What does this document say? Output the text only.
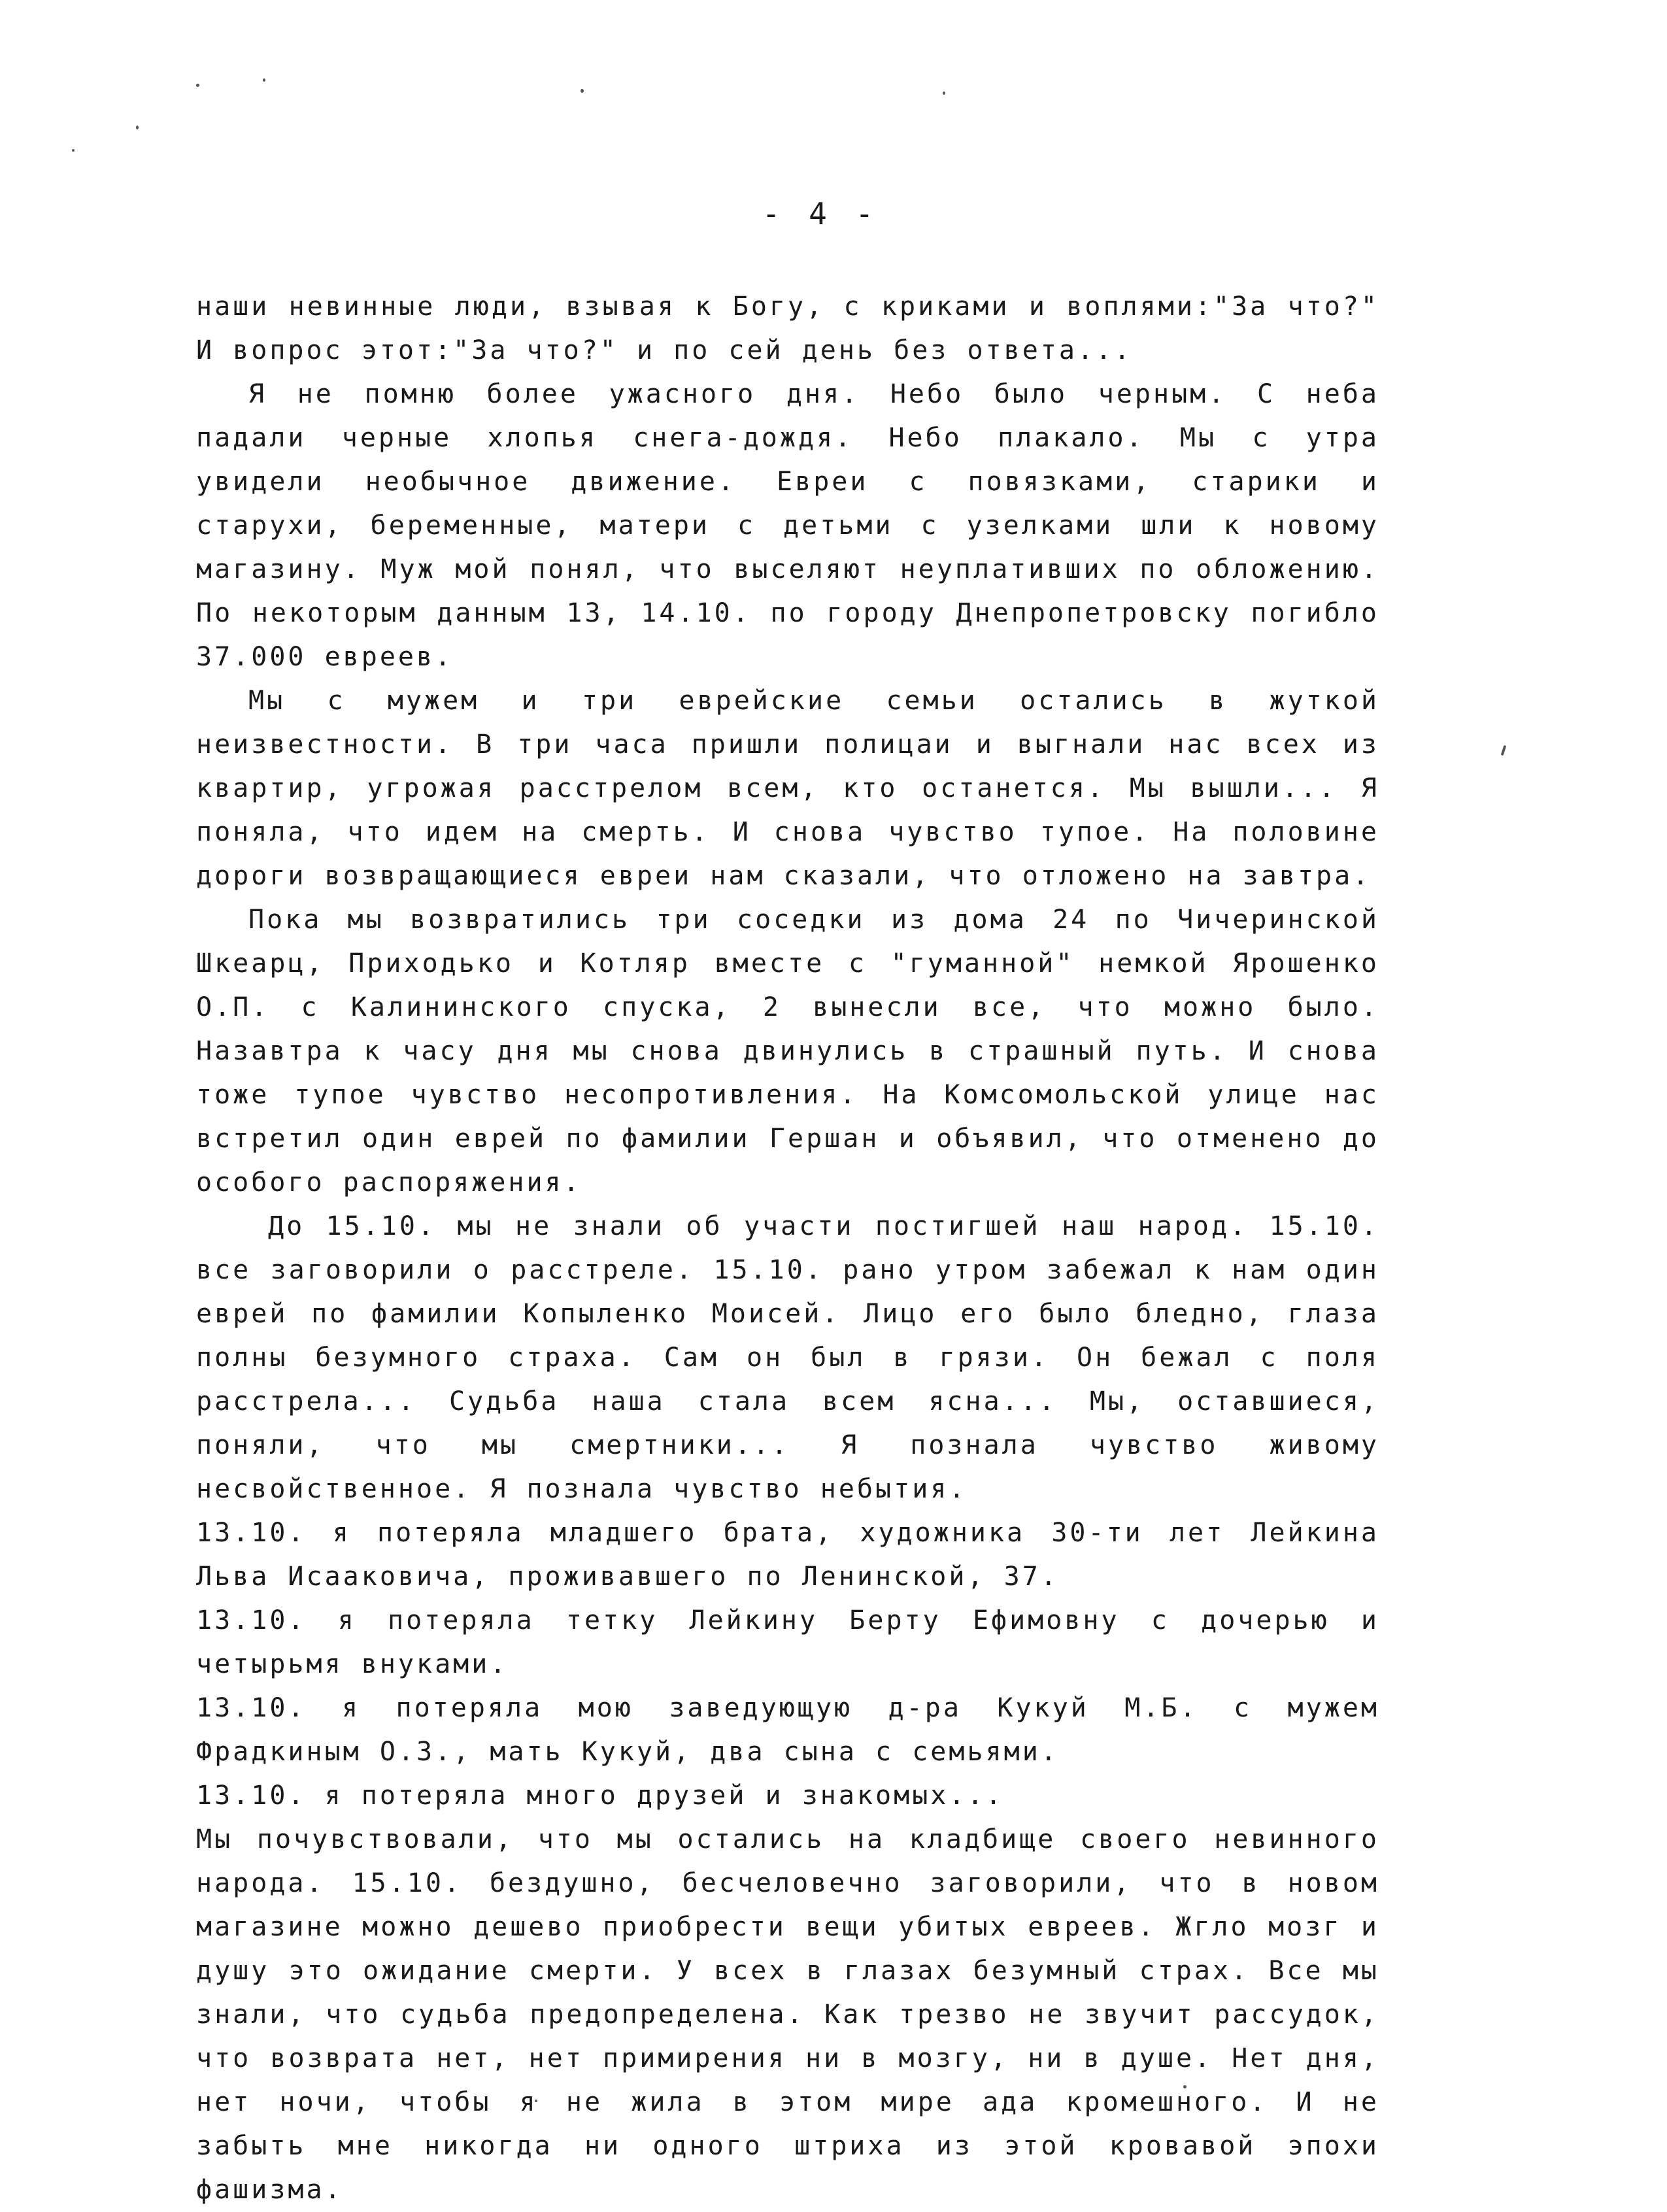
- 4 -

наши невинные люди, взывая к Богу, с криками и воплями:"За что?" И вопрос этот:"За что?" и по сей день без ответа...

Я не помню более ужасного дня. Небо было черным. С неба падали черные хлопья снега-дождя. Небо плакало. Мы с утра увидели необычное движение. Евреи с повязками, старики и старухи, беременные, матери с детьми с узелками шли к новому магазину. Муж мой понял, что выселяют неуплативших по обложению. По некоторым данным 13, 14.10. по городу Днепропетровску погибло 37.000 евреев.

Мы с мужем и три еврейские семьи остались в жуткой неизвестности. В три часа пришли полицаи и выгнали нас всех из квартир, угрожая расстрелом всем, кто останется. Мы вышли... Я поняла, что идем на смерть. И снова чувство тупое. На половине дороги возвращающиеся евреи нам сказали, что отложено на завтра.

Пока мы возвратились три соседки из дома 24 по Чичеринской Шкеарц, Приходько и Котляр вместе с "гуманной" немкой Ярошенко О.П. с Калининского спуска, 2 вынесли все, что можно было. Назавтра к часу дня мы снова двинулись в страшный путь. И снова тоже тупое чувство несопротивления. На Комсомольской улице нас встретил один еврей по фамилии Гершан и объявил, что отменено до особого распоряжения.

До 15.10. мы не знали об участи постигшей наш народ. 15.10. все заговорили о расстреле. 15.10. рано утром забежал к нам один еврей по фамилии Копыленко Моисей. Лицо его было бледно, глаза полны безумного страха. Сам он был в грязи. Он бежал с поля расстрела... Судьба наша стала всем ясна... Мы, оставшиеся, поняли, что мы смертники... Я познала чувство живому несвойственное. Я познала чувство небытия.

13.10. я потеряла младшего брата, художника 30-ти лет Лейкина Льва Исааковича, проживавшего по Ленинской, 37.

13.10. я потеряла тетку Лейкину Берту Ефимовну с дочерью и четырьмя внуками.

13.10. я потеряла мою заведующую д-ра Кукуй М.Б. с мужем Фрадкиным О.З., мать Кукуй, два сына с семьями.

13.10. я потеряла много друзей и знакомых...

Мы почувствовали, что мы остались на кладбище своего невинного народа. 15.10. бездушно, бесчеловечно заговорили, что в новом магазине можно дешево приобрести вещи убитых евреев. Жгло мозг и душу это ожидание смерти. У всех в глазах безумный страх. Все мы знали, что судьба предопределена. Как трезво не звучит рассудок, что возврата нет, нет примирения ни в мозгу, ни в душе. Нет дня, нет ночи, чтобы я не жила в этом мире ада кромешного. И не забыть мне никогда ни одного штриха из этой кровавой эпохи фашизма.
